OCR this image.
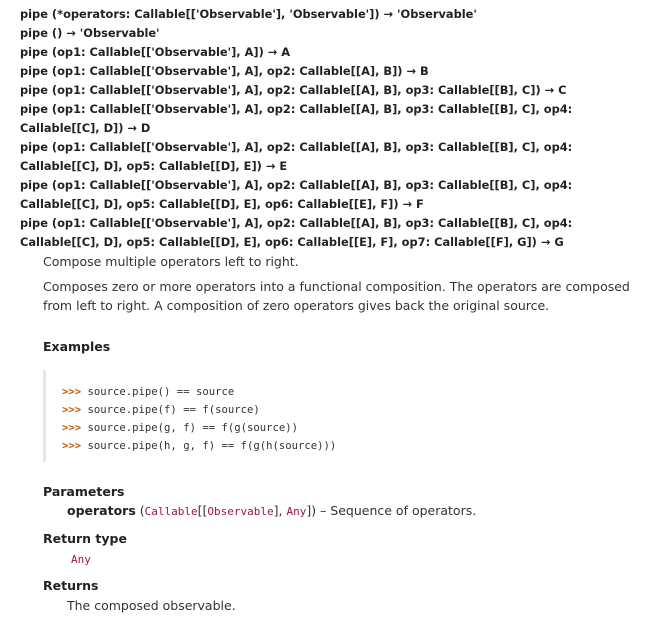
pipe (*operators: Callable[['Observable'], 'Observable']) → 'Observable'
pipe () → 'Observable'
pipe (op1: Callable[['Observable'], A]) → A
pipe (op1: Callable[['Observable'], A], op2: Callable[[A], B]) → B
pipe (op1: Callable[['Observable'], A], op2: Callable[[A], B], op3: Callable[[B], C]) → C
pipe (op1: Callable[['Observable'], A], op2: Callable[[A], B], op3: Callable[[B], C], op4: Callable[[C], D]) → D
pipe (op1: Callable[['Observable'], A], op2: Callable[[A], B], op3: Callable[[B], C], op4: Callable[[C], D], op5: Callable[[D], E]) → E
pipe (op1: Callable[['Observable'], A], op2: Callable[[A], B], op3: Callable[[B], C], op4: Callable[[C], D], op5: Callable[[D], E], op6: Callable[[E], F]) → F
pipe (op1: Callable[['Observable'], A], op2: Callable[[A], B], op3: Callable[[B], C], op4: Callable[[C], D], op5: Callable[[D], E], op6: Callable[[E], F], op7: Callable[[F], G]) → G
Compose multiple operators left to right.
Composes zero or more operators into a functional composition. The operators are composed from left to right. A composition of zero operators gives back the original source.
Examples
>>> source.pipe() == source
>>> source.pipe(f) == f(source)
>>> source.pipe(g, f) == f(g(source))
>>> source.pipe(h, g, f) == f(g(h(source)))
Parameters
operators (Callable[[Observable], Any]) – Sequence of operators.
Return type
Any
Returns
The composed observable.
